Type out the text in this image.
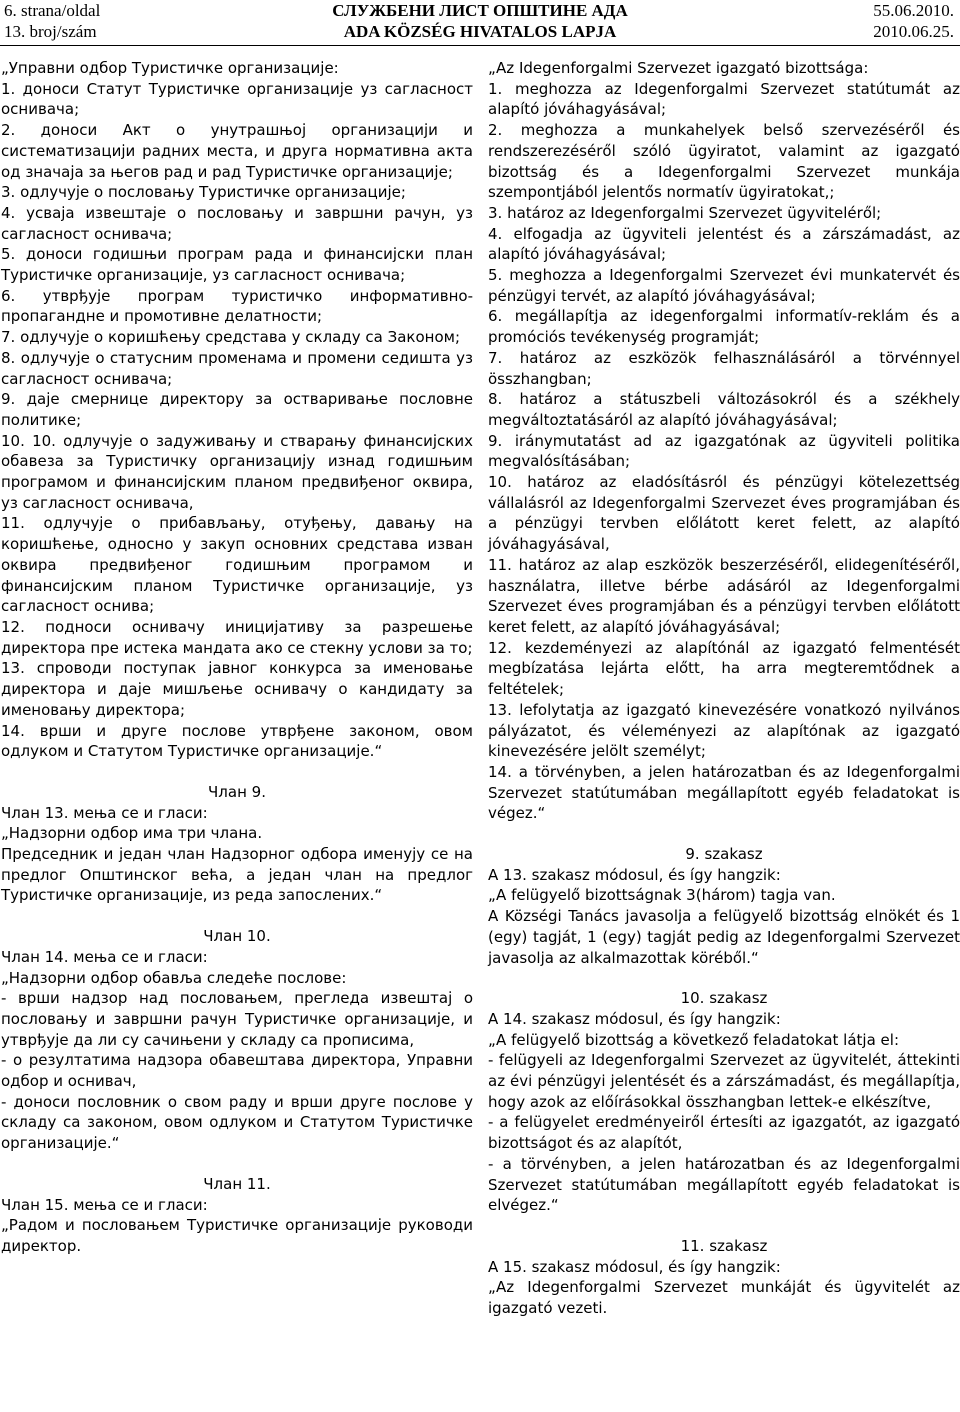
6. strana/oldal
13. broj/szám
СЛУЖБЕНИ ЛИСТ ОПШТИНЕ АДА
ADA KÖZSÉG HIVATALOS LAPJA
55.06.2010.
2010.06.25.

„Управни одбор Туристичке организације:

1. доноси Статут Туристичке организације уз сагласност оснивача;

2. доноси Акт о унутрашњој организацији и систематизацији радних места, и друга нормативна акта од значаја за његов рад и рад Туристичке организације;

3. одлучује о пословању Туристичке организације;

4. усваја извештаје о пословању и завршни рачун, уз сагласност оснивача;

5. доноси годишњи програм рада и финансијски план Туристичке организације, уз сагласност оснивача;

6. утврђује програм туристичко информативно-пропагандне и промотивне делатности;

7. одлучује о коришћењу средстава у складу са Законом;

8. одлучује о статусним променама и промени седишта уз сагласност оснивача;

9. даје смернице директору за остваривање пословне политике;

10. 10. одлучује о задуживању и стварању финансијских обавеза за Туристичку организацију изнад годишњим програмом и финансијским планом предвиђеног оквира, уз сагласност оснивача,

11. одлучује о прибављању, отуђењу, давању на коришћење, односно у закуп основних средстава изван оквира предвиђеног годишњим програмом и финансијским планом Туристичке организације, уз сагласност оснива;

12. подноси оснивачу иницијативу за разрешење директора пре истека мандата ако се стекну услови за то;

13. спроводи поступак јавног конкурса за именовање директора и даје мишљење оснивачу о кандидату за именовању директора;

14. врши и друге послове утврђене законом, овом одлуком и Статутом Туристичке организације.“

Члан 9.

Члан 13. мења се и гласи:

„Надзорни одбор има три члана.

Председник и један члан Надзорног одбора именују се на предлог Општинског већа, а један члан на предлог Туристичке организације, из реда запослених.“

Члан 10.

Члан 14. мења се и гласи:

„Надзорни одбор обавља следеће послове:

- врши надзор над пословањем, прегледа извештај о пословању и завршни рачун Туристичке организације, и утврђује да ли су сачињени у складу са прописима,

- о резултатима надзора обавештава директора, Управни одбор и оснивач,

- доноси пословник о свом раду и врши друге послове у складу са законом, овом одлуком и Статутом Туристичке организације.“

Члан 11.

Члан 15. мења се и гласи:

„Радом и пословањем Туристичке организације руководи директор.

„Az Idegenforgalmi Szervezet igazgató bizottsága:

1. meghozza az Idegenforgalmi Szervezet statútumát az alapító jóváhagyásával;

2. meghozza a munkahelyek belső szervezéséről és rendszerezéséről szóló ügyiratot, valamint az igazgató bizottság és a Idegenforgalmi Szervezet munkája szempontjából jelentős normatív ügyiratokat,;

3. határoz az Idegenforgalmi Szervezet ügyviteléről;

4. elfogadja az ügyviteli jelentést és a zárszámadást, az alapító jóváhagyásával;

5. meghozza a Idegenforgalmi Szervezet évi munkatervét és pénzügyi tervét, az alapító jóváhagyásával;

6. megállapítja az idegenforgalmi informatív-reklám és a promóciós tevékenység programját;

7. határoz az eszközök felhasználásáról a törvénnyel összhangban;

8. határoz a státuszbeli változásokról és a székhely megváltoztatásáról az alapító jóváhagyásával;

9. iránymutatást ad az igazgatónak az ügyviteli politika megvalósításában;

10. határoz az eladósításról és pénzügyi kötelezettség vállalásról az Idegenforgalmi Szervezet éves programjában és a pénzügyi tervben előlátott keret felett, az alapító jóváhagyásával,

11. határoz az alap eszközök beszerzéséről, elidegenítéséről, használatra, illetve bérbe adásáról az Idegenforgalmi Szervezet éves programjában és a pénzügyi tervben előlátott keret felett, az alapító jóváhagyásával;

12. kezdeményezi az alapítónál az igazgató felmentését megbízatása lejárta előtt, ha arra megteremtődnek a feltételek;

13. lefolytatja az igazgató kinevezésére vonatkozó nyilvános pályázatot, és véleményezi az alapítónak az igazgató kinevezésére jelölt személyt;

14. a törvényben, a jelen határozatban és az Idegenforgalmi Szervezet statútumában megállapított egyéb feladatokat is végez.“

9. szakasz

A 13. szakasz módosul, és így hangzik:

„A felügyelő bizottságnak 3(három) tagja van.

A Községi Tanács javasolja a felügyelő bizottság elnökét és 1 (egy) tagját, 1 (egy) tagját pedig az Idegenforgalmi Szervezet javasolja az alkalmazottak köréből.“

10. szakasz

A 14. szakasz módosul, és így hangzik:

„A felügyelő bizottság a következő feladatokat látja el:

- felügyeli az Idegenforgalmi Szervezet az ügyvitelét, áttekinti az évi pénzügyi jelentését és a zárszámadást, és megállapítja, hogy azok az előírásokkal összhangban lettek-e elkészítve,

- a felügyelet eredményeiről értesíti az igazgatót, az igazgató bizottságot és az alapítót,

- a törvényben, a jelen határozatban és az Idegenforgalmi Szervezet statútumában megállapított egyéb feladatokat is elvégez.“

11. szakasz

A 15. szakasz módosul, és így hangzik:

„Az Idegenforgalmi Szervezet munkáját és ügyvitelét az igazgató vezeti.
